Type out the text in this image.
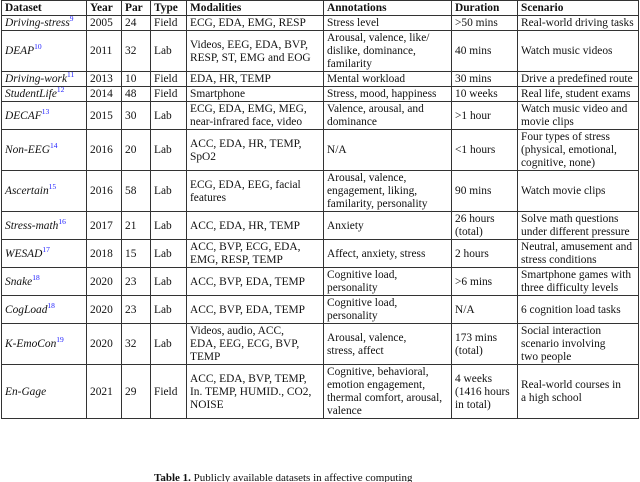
Dataset	Year	Par	Type	Modalities	Annotations	Duration	Scenario
Driving-stress$^9$	2005	24	Field	ECG, EDA, EMG, RESP	Stress level	>50 mins	Real-world driving tasks
DEAP$^{10}$	2011	32	Lab	Videos, EEG, EDA, BVP,
RESP, ST, EMG and EOG	Arousal, valence, like/
dislike, dominance,
familarity	40 mins	Watch music videos
Driving-work$^{11}$	2013	10	Field	EDA, HR, TEMP	Mental workload	30 mins	Drive a predefined route
StudentLife$^{12}$	2014	48	Field	Smartphone	Stress, mood, happiness	10 weeks	Real life, student exams
DECAF$^{13}$	2015	30	Lab	ECG, EDA, EMG, MEG,
near-infrared face, video	Valence, arousal, and
dominance	>1 hour	Watch music video and
movie clips
Non-EEG$^{14}$	2016	20	Lab	ACC, EDA, HR, TEMP,
SpO2	N/A	<1 hours	Four types of stress
(physical, emotional,
cognitive, none)
Ascertain$^{15}$	2016	58	Lab	ECG, EDA, EEG, facial
features	Arousal, valence,
engagement, liking,
familarity, personality	90 mins	Watch movie clips
Stress-math$^{16}$	2017	21	Lab	ACC, EDA, HR, TEMP	Anxiety	26 hours
(total)	Solve math questions
under different pressure
WESAD$^{17}$	2018	15	Lab	ACC, BVP, ECG, EDA,
EMG, RESP, TEMP	Affect, anxiety, stress	2 hours	Neutral, amusement and
stress conditions
Snake$^{18}$	2020	23	Lab	ACC, BVP, EDA, TEMP	Cognitive load,
personality	>6 mins	Smartphone games with
three difficulty levels
CogLoad$^{18}$	2020	23	Lab	ACC, BVP, EDA, TEMP	Cognitive load,
personality	N/A	6 cognition load tasks
K-EmoCon$^{19}$	2020	32	Lab	Videos, audio, ACC,
EDA, EEG, ECG, BVP,
TEMP	Arousal, valence,
stress, affect	173 mins
(total)	Social interaction
scenario involving
two people
En-Gage	2021	29	Field	ACC, EDA, BVP, TEMP,
In. TEMP, HUMID., CO2,
NOISE	Cognitive, behavioral,
emotion engagement,
thermal comfort, arousal,
valence	4 weeks
(1416 hours
in total)	Real-world courses in
a high school
Table 1. Publicly available datasets in affective computing
